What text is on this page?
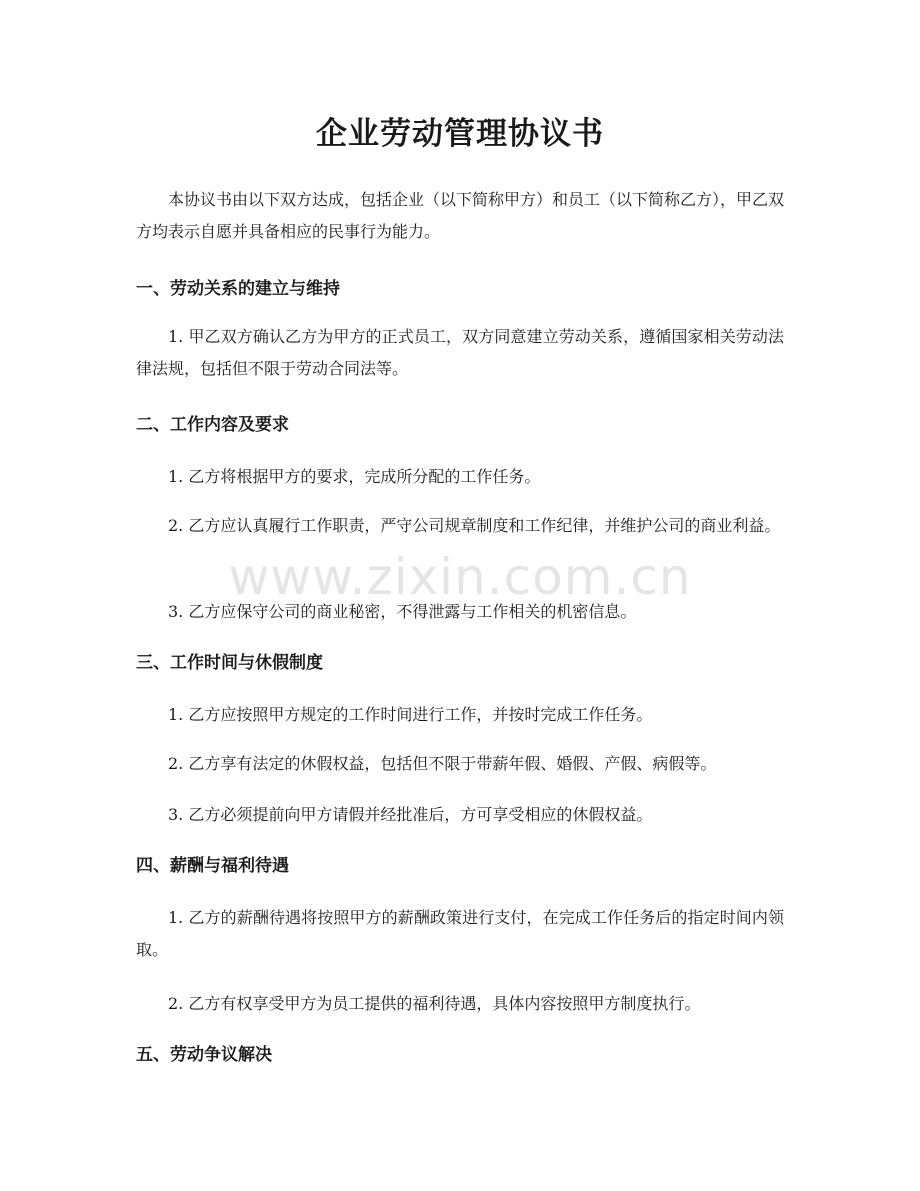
企业劳动管理协议书

本协议书由以下双方达成，包括企业（以下简称甲方）和员工（以下简称乙方），甲乙双方均表示自愿并具备相应的民事行为能力。

一、劳动关系的建立与维持

1. 甲乙双方确认乙方为甲方的正式员工，双方同意建立劳动关系，遵循国家相关劳动法律法规，包括但不限于劳动合同法等。

二、工作内容及要求

1. 乙方将根据甲方的要求，完成所分配的工作任务。

2. 乙方应认真履行工作职责，严守公司规章制度和工作纪律，并维护公司的商业利益。

3. 乙方应保守公司的商业秘密，不得泄露与工作相关的机密信息。

三、工作时间与休假制度

1. 乙方应按照甲方规定的工作时间进行工作，并按时完成工作任务。

2. 乙方享有法定的休假权益，包括但不限于带薪年假、婚假、产假、病假等。

3. 乙方必须提前向甲方请假并经批准后，方可享受相应的休假权益。

四、薪酬与福利待遇

1. 乙方的薪酬待遇将按照甲方的薪酬政策进行支付，在完成工作任务后的指定时间内领取。

2. 乙方有权享受甲方为员工提供的福利待遇，具体内容按照甲方制度执行。

五、劳动争议解决
www.zixin.com.cn
